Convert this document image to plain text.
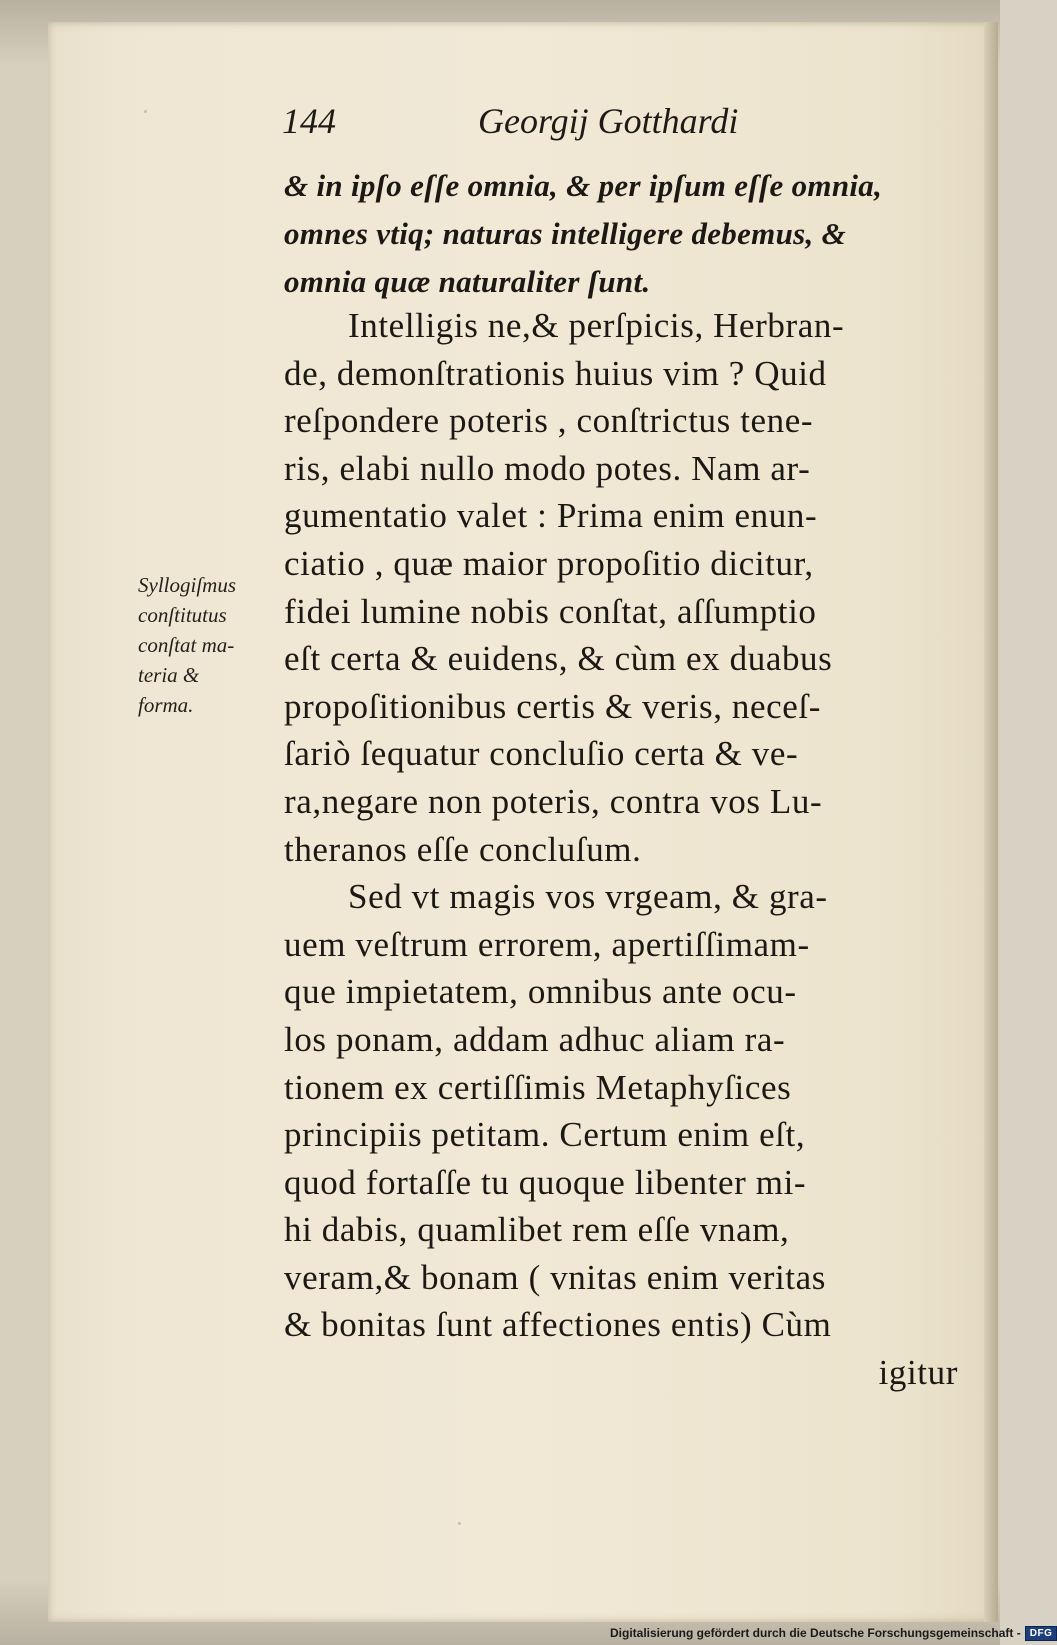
144	Georgij Gotthardi
& in ipſo eſſe omnia, & per ipſum eſſe omnia,
omnes vtiq; naturas intelligere debemus, &
omnia quæ naturaliter ſunt.
Intelligis ne,& perſpicis, Herbran-
de, demonſtrationis huius vim ? Quid
reſpondere poteris , conſtrictus tene-
ris, elabi nullo modo potes. Nam ar-
gumentatio valet : Prima enim enun-
ciatio , quæ maior propoſitio dicitur,
fidei lumine nobis conſtat, aſſumptio
eſt certa & euidens, & cùm ex duabus
propoſitionibus certis & veris, neceſ-
ſariò ſequatur concluſio certa & ve-
ra,negare non poteris, contra vos Lu-
theranos eſſe concluſum.
Sed vt magis vos vrgeam, & gra-
uem veſtrum errorem, apertiſſimam-
que impietatem, omnibus ante ocu-
los ponam, addam adhuc aliam ra-
tionem ex certiſſimis Metaphyſices
principiis petitam. Certum enim eſt,
quod fortaſſe tu quoque libenter mi-
hi dabis, quamlibet rem eſſe vnam,
veram,& bonam ( vnitas enim veritas
& bonitas ſunt affectiones entis) Cùm
igitur
Syllogiſmus
conſtitutus
conſtat ma-
teria &
forma.
Digitalisierung gefördert durch die Deutsche Forschungsgemeinschaft - DFG
